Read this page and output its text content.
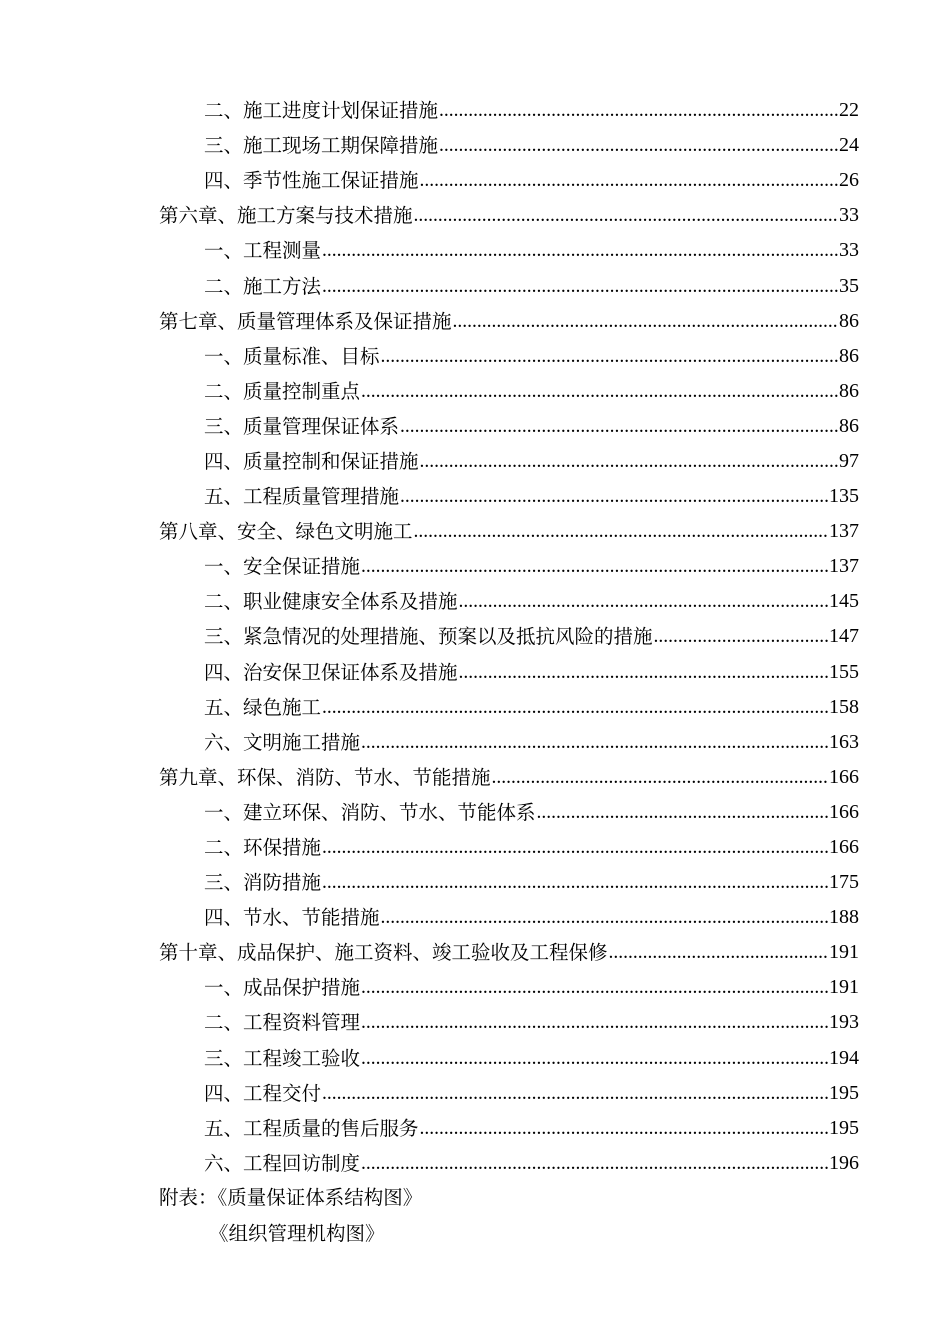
二、施工进度计划保证措施 .....	22
三、施工现场工期保障措施 .....	24
四、季节性施工保证措施 .....	26
第六章、施工方案与技术措施 .....	33
一、工程测量 .....	33
二、施工方法 .....	35
第七章、质量管理体系及保证措施 .....	86
一、质量标准、目标 .....	86
二、质量控制重点 .....	86
三、质量管理保证体系 .....	86
四、质量控制和保证措施 .....	97
五、工程质量管理措施 .....	135
第八章、安全、绿色文明施工 .....	137
一、安全保证措施 .....	137
二、职业健康安全体系及措施 .....	145
三、紧急情况的处理措施、预案以及抵抗风险的措施 .....	147
四、治安保卫保证体系及措施 .....	155
五、绿色施工 .....	158
六、文明施工措施 .....	163
第九章、环保、消防、节水、节能措施 .....	166
一、建立环保、消防、节水、节能体系 .....	166
二、环保措施 .....	166
三、消防措施 .....	175
四、节水、节能措施 .....	188
第十章、成品保护、施工资料、竣工验收及工程保修 .....	191
一、成品保护措施 .....	191
二、工程资料管理 .....	193
三、工程竣工验收 .....	194
四、工程交付 .....	195
五、工程质量的售后服务 .....	195
六、工程回访制度 .....	196
附表：《质量保证体系结构图》
《组织管理机构图》
